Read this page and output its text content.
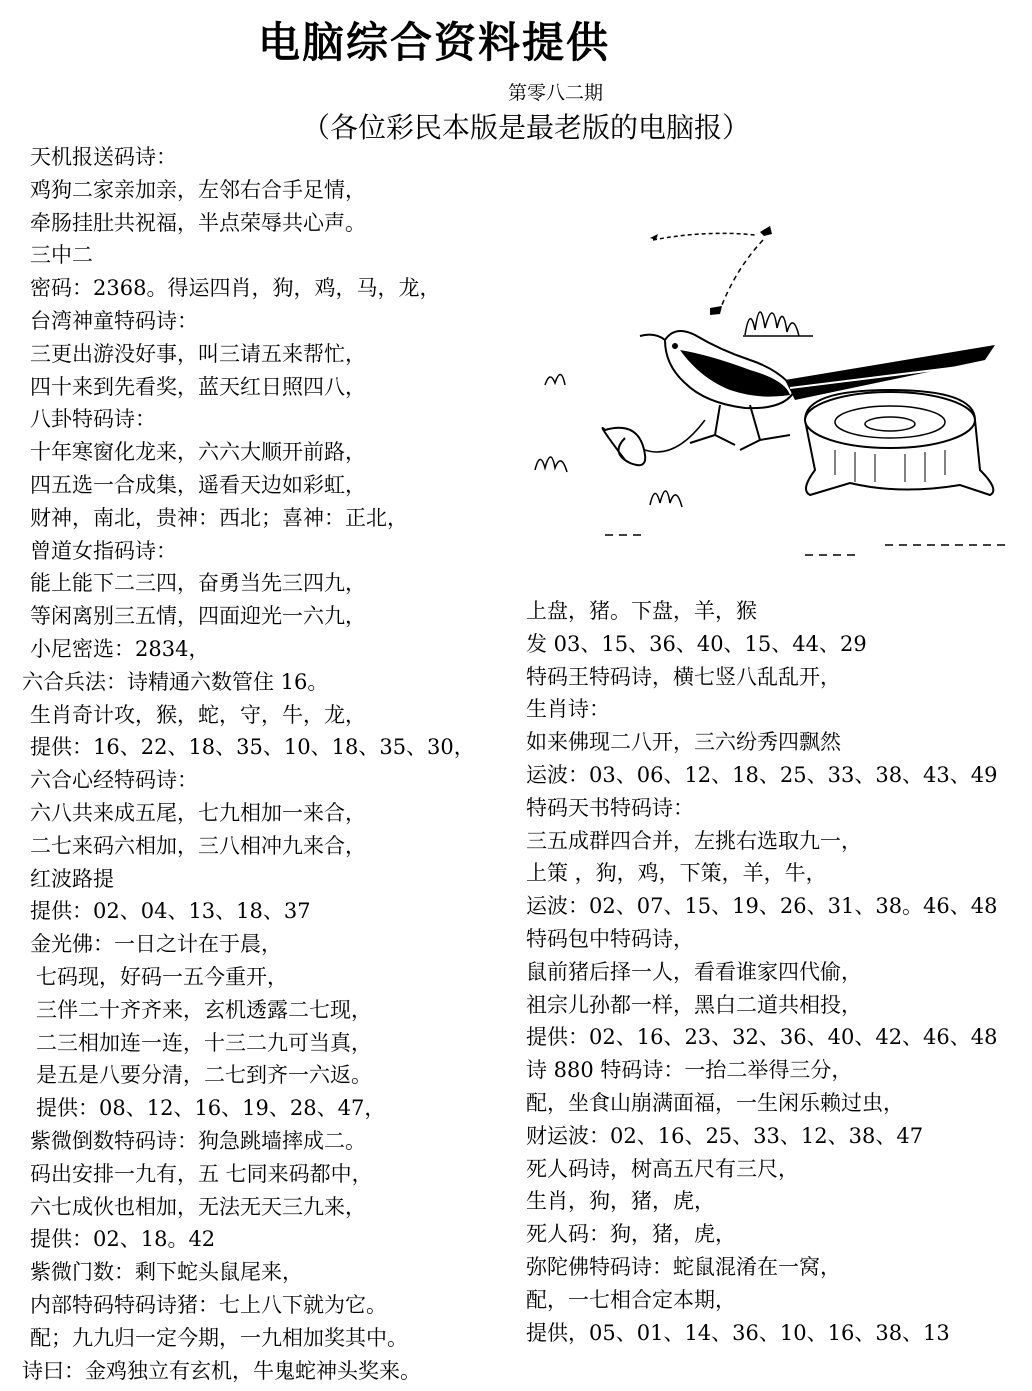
电脑综合资料提供
第零八二期
（各位彩民本版是最老版的电脑报）
天机报送码诗：
鸡狗二家亲加亲，左邻右合手足情，
牵肠挂肚共祝福，半点荣辱共心声。
三中二
密码：2368。得运四肖，狗，鸡，马，龙，
台湾神童特码诗：
三更出游没好事，叫三请五来帮忙，
四十来到先看奖，蓝天红日照四八，
八卦特码诗：
十年寒窗化龙来，六六大顺开前路，
四五选一合成集，遥看天边如彩虹，
财神，南北，贵神：西北；喜神：正北，
曾道女指码诗：
能上能下二三四，奋勇当先三四九，
等闲离别三五情，四面迎光一六九，
小尼密选：2834，
六合兵法：诗精通六数管住 16。
生肖奇计攻，猴，蛇，守，牛，龙，
提供：16、22、18、35、10、18、35、30，
六合心经特码诗：
六八共来成五尾，七九相加一来合，
二七来码六相加，三八相冲九来合，
红波路提
提供：02、04、13、18、37
金光佛：一日之计在于晨，
七码现，好码一五今重开，
三伴二十齐齐来，玄机透露二七现，
二三相加连一连，十三二九可当真，
是五是八要分清，二七到齐一六返。
提供：08、12、16、19、28、47，
紫微倒数特码诗：狗急跳墙摔成二。
码出安排一九有，五 七同来码都中，
六七成伙也相加，无法无天三九来，
提供：02、18。42
紫微门数：剩下蛇头鼠尾来，
内部特码特码诗猪：七上八下就为它。
配；九九归一定今期，一九相加奖其中。
诗曰：金鸡独立有玄机，牛鬼蛇神头奖来。
上盘，猪。下盘，羊，猴
发 03、15、36、40、15、44、29
特码王特码诗，横七竖八乱乱开，
生肖诗：
如来佛现二八开，三六纷秀四飘然
运波：03、06、12、18、25、33、38、43、49
特码天书特码诗：
三五成群四合并，左挑右选取九一，
上策 ，狗，鸡，下策，羊，牛，
运波：02、07、15、19、26、31、38。46、48
特码包中特码诗，
鼠前猪后择一人，看看谁家四代偷，
祖宗儿孙都一样，黑白二道共相投，
提供：02、16、23、32、36、40、42、46、48
诗 880 特码诗：一抬二举得三分，
配，坐食山崩满面福，一生闲乐赖过虫，
财运波：02、16、25、33、12、38、47
死人码诗，树高五尺有三尺，
生肖，狗，猪，虎，
死人码：狗，猪，虎，
弥陀佛特码诗：蛇鼠混淆在一窝，
配，一七相合定本期，
提供，05、01、14、36、10、16、38、13
